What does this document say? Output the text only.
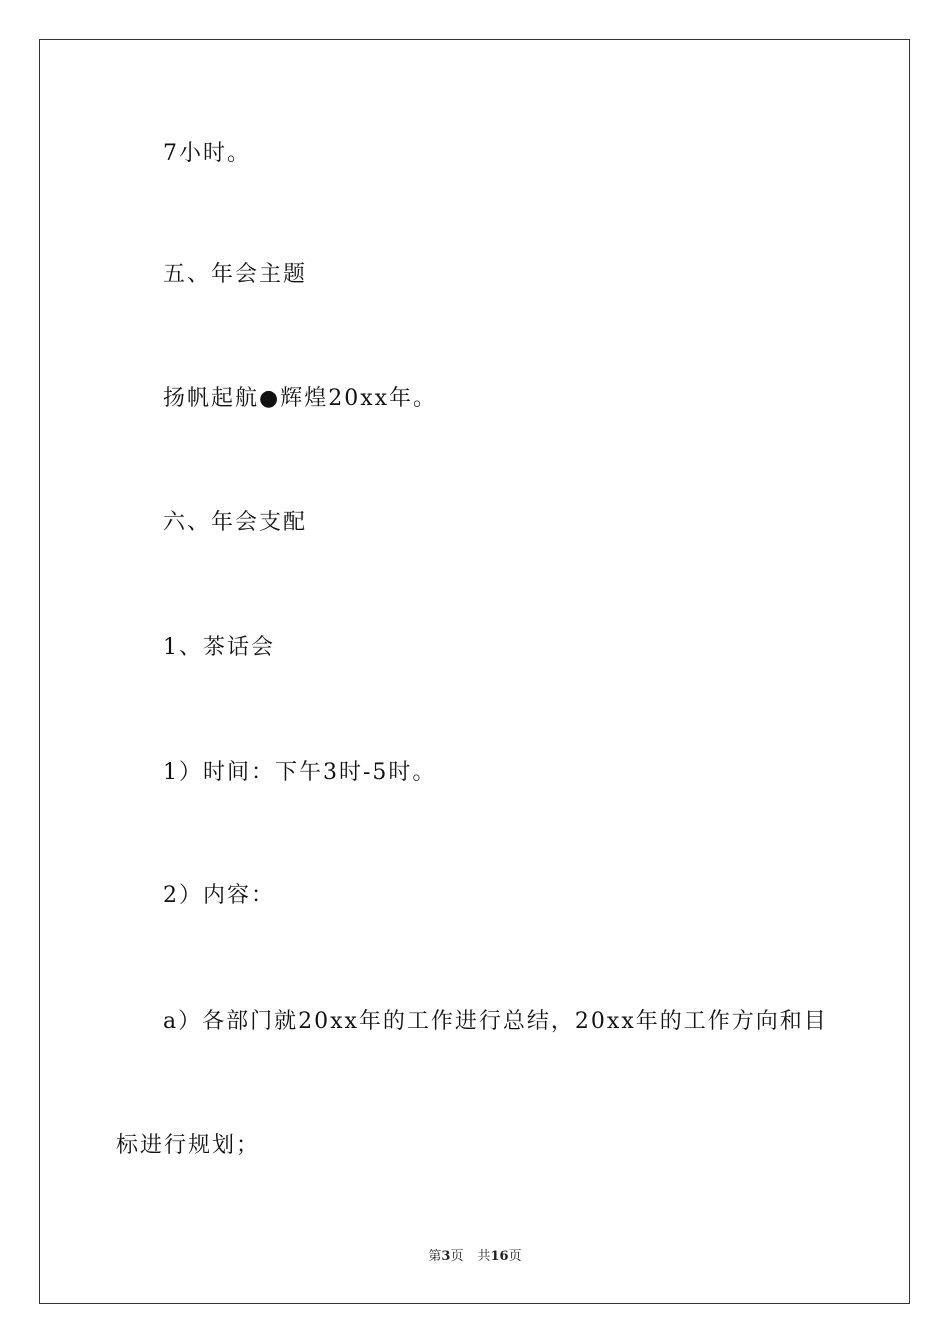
7小时。
五、年会主题
扬帆起航●辉煌20xx年。
六、年会支配
1、茶话会
1）时间：下午3时-5时。
2）内容：
a）各部门就20xx年的工作进行总结，20xx年的工作方向和目
标进行规划；
第3页 共16页
